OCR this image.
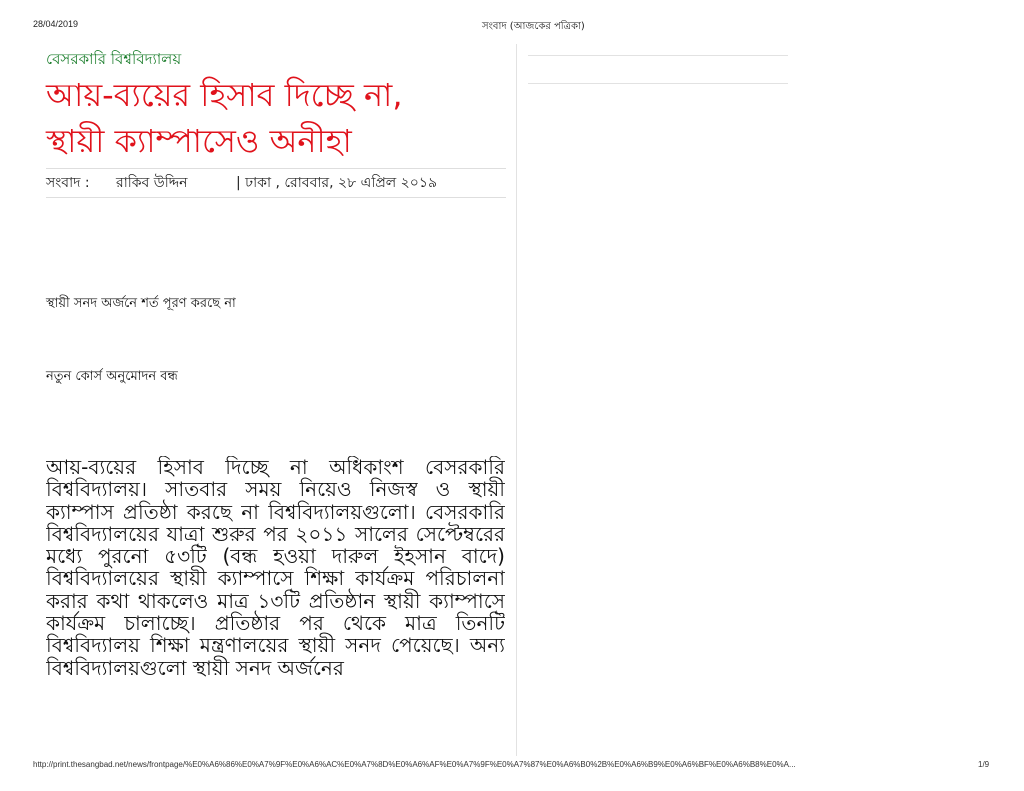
28/04/2019	সংবাদ (আজকের পত্রিকা)

বেসরকারি বিশ্ববিদ্যালয়

আয়-ব্যয়ের হিসাব দিচ্ছে না,
স্থায়ী ক্যাম্পাসেও অনীহা
সংবাদ :	রাকিব উদ্দিন	| ঢাকা , রোববার, ২৮ এপ্রিল ২০১৯
স্থায়ী সনদ অর্জনে শর্ত পূরণ করছে না
নতুন কোর্স অনুমোদন বন্ধ

আয়-ব্যয়ের হিসাব দিচ্ছে না অধিকাংশ বেসরকারি বিশ্ববিদ্যালয়। সাতবার সময় নিয়েও নিজস্ব ও স্থায়ী ক্যাম্পাস প্রতিষ্ঠা করছে না বিশ্ববিদ্যালয়গুলো। বেসরকারি বিশ্ববিদ্যালয়ের যাত্রা শুরুর পর ২০১১ সালের সেপ্টেম্বরের মধ্যে পুরনো ৫৩টি (বন্ধ হওয়া দারুল ইহসান বাদে) বিশ্ববিদ্যালয়ের স্থায়ী ক্যাম্পাসে শিক্ষা কার্যক্রম পরিচালনা করার কথা থাকলেও মাত্র ১৩টি প্রতিষ্ঠান স্থায়ী ক্যাম্পাসে কার্যক্রম চালাচ্ছে। প্রতিষ্ঠার পর থেকে মাত্র তিনটি বিশ্ববিদ্যালয় শিক্ষা মন্ত্রণালয়ের স্থায়ী সনদ পেয়েছে। অন্য বিশ্ববিদ্যালয়গুলো স্থায়ী সনদ অর্জনের

http://print.thesangbad.net/news/frontpage/%E0%A6%86%E0%A7%9F%E0%A6%AC%E0%A7%8D%E0%A6%AF%E0%A7%9F%E0%A7%87%E0%A6%B0%2B%E0%A6%B9%E0%A6%BF%E0%A6%B8%E0%A...	1/9
